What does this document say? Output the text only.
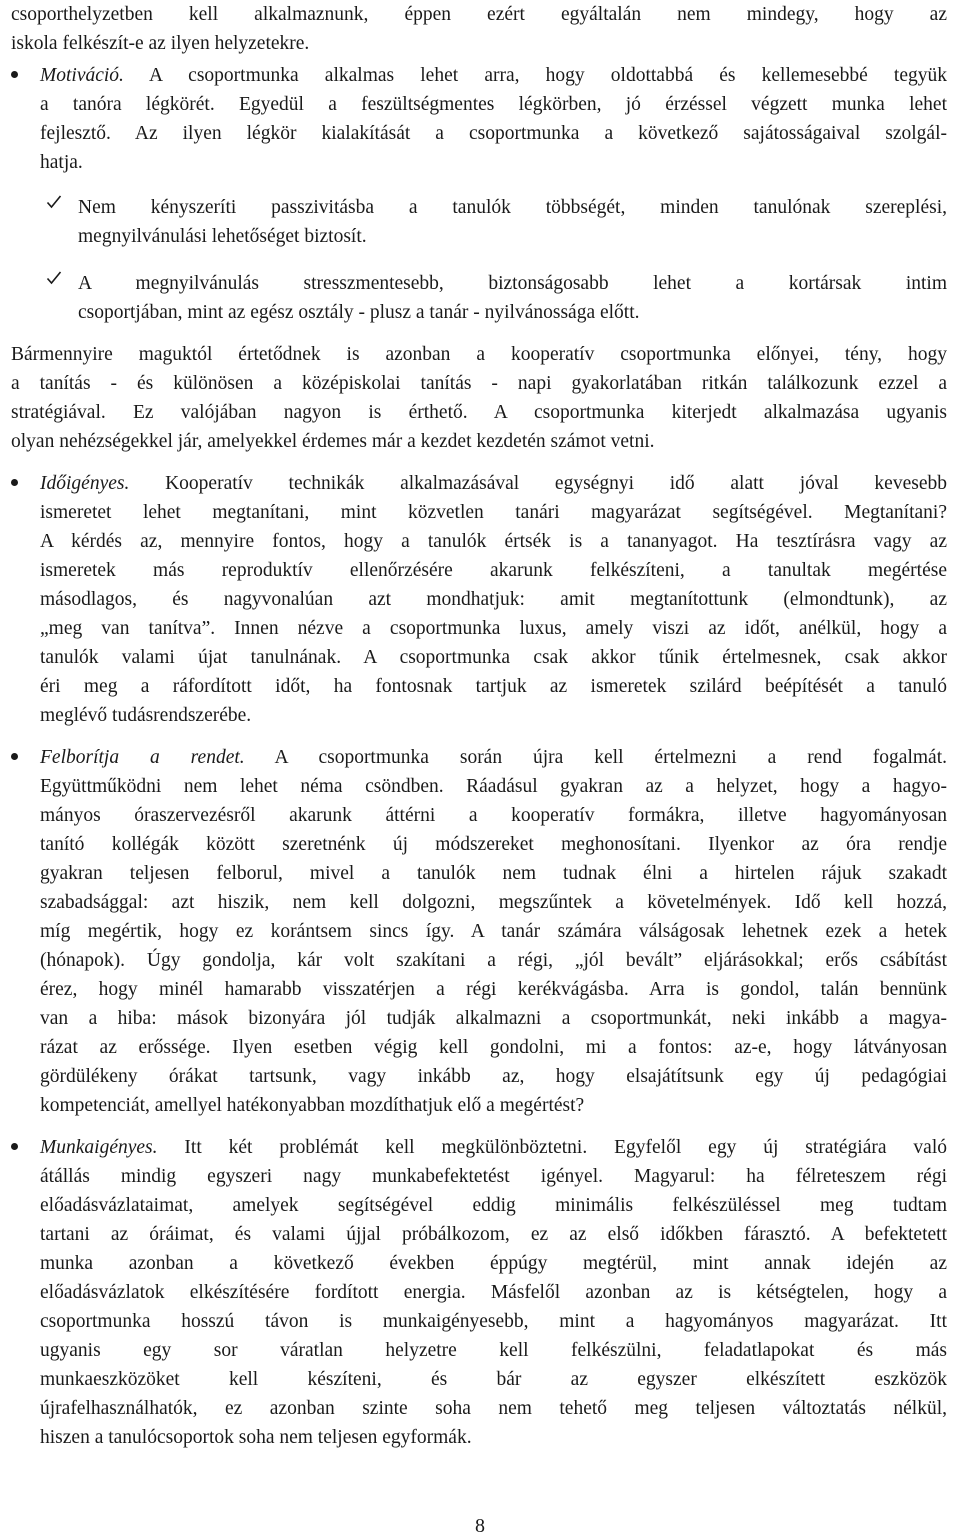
csoporthelyzetben kell alkalmaznunk, éppen ezért egyáltalán nem mindegy, hogy az

iskola felkészít-e az ilyen helyzetekre.

Motiváció. A csoportmunka alkalmas lehet arra, hogy oldottabbá és kellemesebbé tegyük

a tanóra légkörét. Egyedül a feszültségmentes légkörben, jó érzéssel végzett munka lehet

fejlesztő. Az ilyen légkör kialakítását a csoportmunka a következő sajátosságaival szolgál-

hatja.

Nem kényszeríti passzivitásba a tanulók többségét, minden tanulónak szereplési,

megnyilvánulási lehetőséget biztosít.

A megnyilvánulás stresszmentesebb, biztonságosabb lehet a kortársak intim

csoportjában, mint az egész osztály - plusz a tanár - nyilvánossága előtt.

Bármennyire maguktól értetődnek is azonban a kooperatív csoportmunka előnyei, tény, hogy

a tanítás - és különösen a középiskolai tanítás - napi gyakorlatában ritkán találkozunk ezzel a

stratégiával. Ez valójában nagyon is érthető. A csoportmunka kiterjedt alkalmazása ugyanis

olyan nehézségekkel jár, amelyekkel érdemes már a kezdet kezdetén számot vetni.

Időigényes. Kooperatív technikák alkalmazásával egységnyi idő alatt jóval kevesebb

ismeretet lehet megtanítani, mint közvetlen tanári magyarázat segítségével. Megtanítani?

A kérdés az, mennyire fontos, hogy a tanulók értsék is a tananyagot. Ha tesztírásra vagy az

ismeretek más reproduktív ellenőrzésére akarunk felkészíteni, a tanultak megértése

másodlagos, és nagyvonalúan azt mondhatjuk: amit megtanítottunk (elmondtunk), az

„meg van tanítva”. Innen nézve a csoportmunka luxus, amely viszi az időt, anélkül, hogy a

tanulók valami újat tanulnának. A csoportmunka csak akkor tűnik értelmesnek, csak akkor

éri meg a ráfordított időt, ha fontosnak tartjuk az ismeretek szilárd beépítését a tanuló

meglévő tudásrendszerébe.

Felborítja a rendet. A csoportmunka során újra kell értelmezni a rend fogalmát.

Együttműködni nem lehet néma csöndben. Ráadásul gyakran az a helyzet, hogy a hagyo-

mányos óraszervezésről akarunk áttérni a kooperatív formákra, illetve hagyományosan

tanító kollégák között szeretnénk új módszereket meghonosítani. Ilyenkor az óra rendje

gyakran teljesen felborul, mivel a tanulók nem tudnak élni a hirtelen rájuk szakadt

szabadsággal: azt hiszik, nem kell dolgozni, megszűntek a követelmények. Idő kell hozzá,

míg megértik, hogy ez korántsem sincs így. A tanár számára válságosak lehetnek ezek a hetek

(hónapok). Úgy gondolja, kár volt szakítani a régi, „jól bevált” eljárásokkal; erős csábítást

érez, hogy minél hamarabb visszatérjen a régi kerékvágásba. Arra is gondol, talán bennünk

van a hiba: mások bizonyára jól tudják alkalmazni a csoportmunkát, neki inkább a magya-

rázat az erőssége. Ilyen esetben végig kell gondolni, mi a fontos: az-e, hogy látványosan

gördülékeny órákat tartsunk, vagy inkább az, hogy elsajátítsunk egy új pedagógiai

kompetenciát, amellyel hatékonyabban mozdíthatjuk elő a megértést?

Munkaigényes. Itt két problémát kell megkülönböztetni. Egyfelől egy új stratégiára való

átállás mindig egyszeri nagy munkabefektetést igényel. Magyarul: ha félreteszem régi

előadásvázlataimat, amelyek segítségével eddig minimális felkészüléssel meg tudtam

tartani az óráimat, és valami újjal próbálkozom, ez az első időkben fárasztó. A befektetett

munka azonban a következő években éppúgy megtérül, mint annak idején az

előadásvázlatok elkészítésére fordított energia. Másfelől azonban az is kétségtelen, hogy a

csoportmunka hosszú távon is munkaigényesebb, mint a hagyományos magyarázat. Itt

ugyanis egy sor váratlan helyzetre kell felkészülni, feladatlapokat és más

munkaeszközöket kell készíteni, és bár az egyszer elkészített eszközök

újrafelhasználhatók, ez azonban szinte soha nem tehető meg teljesen változtatás nélkül,

hiszen a tanulócsoportok soha nem teljesen egyformák.

8
